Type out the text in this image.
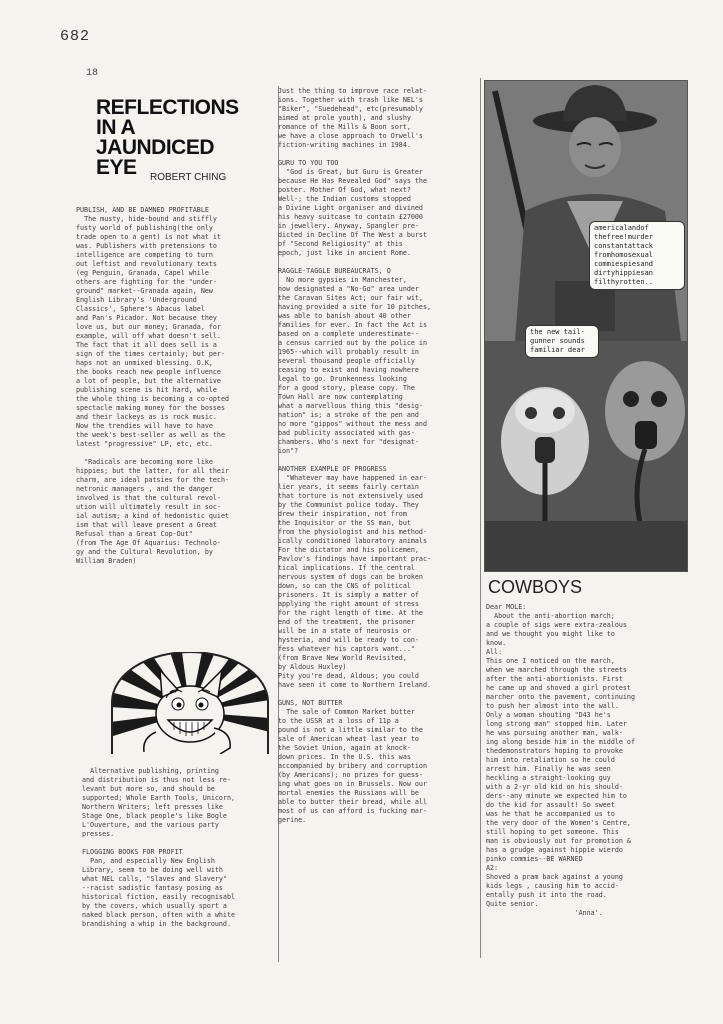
682
18
REFLECTIONS IN A JAUNDICED EYE	ROBERT CHING
PUBLISH, AND BE DAMNED PROFITABLE
The musty, hide-bound and stiffly
fusty world of publishing(the only
trade open to a gent) is not what it
was. Publishers with pretensions to
intelligence are competing to turn
out leftist and revolutionary texts
(eg Penguin, Granada, Capel while
others are fighting for the "under-
ground" market--Granada again, New
English Library's 'Underground
Classics', Sphere's Abacus label
and Pan's Picador. Not because they
love us, but our money; Granada, for
example, will off what doesn't sell.
The fact that it all does sell is a
sign of the times certainly; but per-
haps not an unmixed blessing. O.K,
the books reach new people influence
a lot of people, but the alternative
publishing scene is hit hard, while
the whole thing is becoming a co-opted
spectacle making money for the bosses
and their lackeys as is rock music.
Now the trendies will have to have
the week's best-seller as well as the
latest "progressive" LP, etc, etc.

"Radicals are becoming more like
hippies; but the latter, for all their
charm, are ideal patsies for the tech-
netronic managers , and the danger
involved is that the cultural revol-
ution will ultimately result in soc-
ial autism; a kind of hedonistic quiet
ism that will leave present a Great
Refusal than a Great Cop-Out"
(from The Age Of Aquarius: Technolo-
gy and the Cultural Revolution, by
William Braden)
Alternative publishing, printing
and distribution is thus not less re-
levant but more so, and should be
supported; Whole Earth Tools, Unicorn,
Northern Writers; left presses like
Stage One, black people's like Bogle
L'Ouverture, and the various party
presses.

FLOGGING BOOKS FOR PROFIT
Pan, and especially New English
Library, seem to be doing well with
what NEL calls, "Slaves and Slavery"
--racist sadistic fantasy posing as
historical fiction, easily recognisabl
by the covers, which usually sport a
naked black person, often with a white
brandishing a whip in the background.
Just the thing to improve race relat-
ions. Together with trash like NEL's
"Biker", "Suedehead", etc(presumably
aimed at prole youth), and slushy
romance of the Mills & Boon sort,
we have a close approach to Orwell's
fiction-writing machines in 1984.

GURU TO YOU TOO
"God is Great, but Guru is Greater
because He Has Revealed God" says the
poster. Mother Of God, what next?
Well-; the Indian customs stopped
a Divine Light organiser and divined
his heavy suitcase to contain £27000
in jewellery. Anyway, Spangler pre-
dicted in Decline Of The West a burst
of "Second Religiosity" at this
epoch, just like in ancient Rome.

RAGGLE-TAGGLE BUREAUCRATS, O
No more gypsies in Manchester,
now designated a "No-Go" area under
the Caravan Sites Act; our fair wit,
having provided a site for 10 pitches,
was able to banish about 40 other
families for ever. In fact the Act is
based on a complete underestimate--
a census carried out by the police in
1965--which will probably result in
several thousand people officially
ceasing to exist and having nowhere
legal to go. Drunkenness looking
for a good story, please copy. The
Town Hall are now contemplating
what a marvellous thing this "desig-
nation" is; a stroke of the pen and
no more "gippos" without the mess and
bad publicity associated with gas-
chambers. Who's next for "designat-
ion"?

ANOTHER EXAMPLE OF PROGRESS
"Whatever may have happened in ear-
lier years, it seems fairly certain
that torture is not extensively used
by the Communist police today. They
drew their inspiration, not from
the Inquisitor or the SS man, but
from the physiologist and his method-
ically conditioned laboratory animals
For the dictator and his policemen,
Pavlov's findings have important prac-
tical implications. If the central
nervous system of dogs can be broken
down, so can the CNS of political
prisoners. It is simply a matter of
applying the right amount of stress
for the right length of time. At the
end of the treatment, the prisoner
will be in a state of neurosis or
hysteria, and will be ready to con-
fess whatever his captors want..."
(from Brave New World Revisited,
by Aldous Huxley)
Pity you're dead, Aldous; you could
have seen it come to Northern Ireland.

GUNS, NOT BUTTER
The sale of Common Market butter
to the USSR at a loss of 11p a
pound is not a little similar to the
sale of American wheat last year to
the Soviet Union, again at knock-
down prices. In the U.S. this was
accompanied by bribery and corruption
(by Americans); no prizes for guess-
ing what goes on in Brussels. Now our
mortal enemies the Russians will be
able to butter their bread, while all
most of us can afford is fucking mar-
gerine.
americalandof
thefree!murder
constantattack
fromhomosexual
commiespiesand
dirtyhippiesan
filthyrotten..
the new tail-
gunner sounds
familiar dear
COWBOYS
Dear MOLE:
About the anti-abortion march;
a couple of sigs were extra-zealous
and we thought you might like to
know.
All:
This one I noticed on the march,
when we marched through the streets
after the anti-abortionists. First
he came up and shoved a girl protest
marcher onto the pavement, continuing
to push her almost into the wall.
Only a woman shouting "D43 he's
long strong man" stopped him. Later
he was pursuing another man, walk-
ing along beside him in the middle of
thedemonstrators hoping to provoke
him into retaliation so he could
arrest him. Finally he was seen
heckling a straight-looking guy
with a 2-yr old kid on his should-
ders--any minute we expected him to
do the kid for assault! So sweet
was he that he accompanied us to
the very door of the Women's Centre,
still hoping to get someone. This
man is obviously out for promotion &
has a grudge against hippie wierdo
pinko commies--BE WARNED
A2:
Shoved a pram back against a young
kids legs , causing him to accid-
entally push it into the road.
Quite senior.
'Anna'.
